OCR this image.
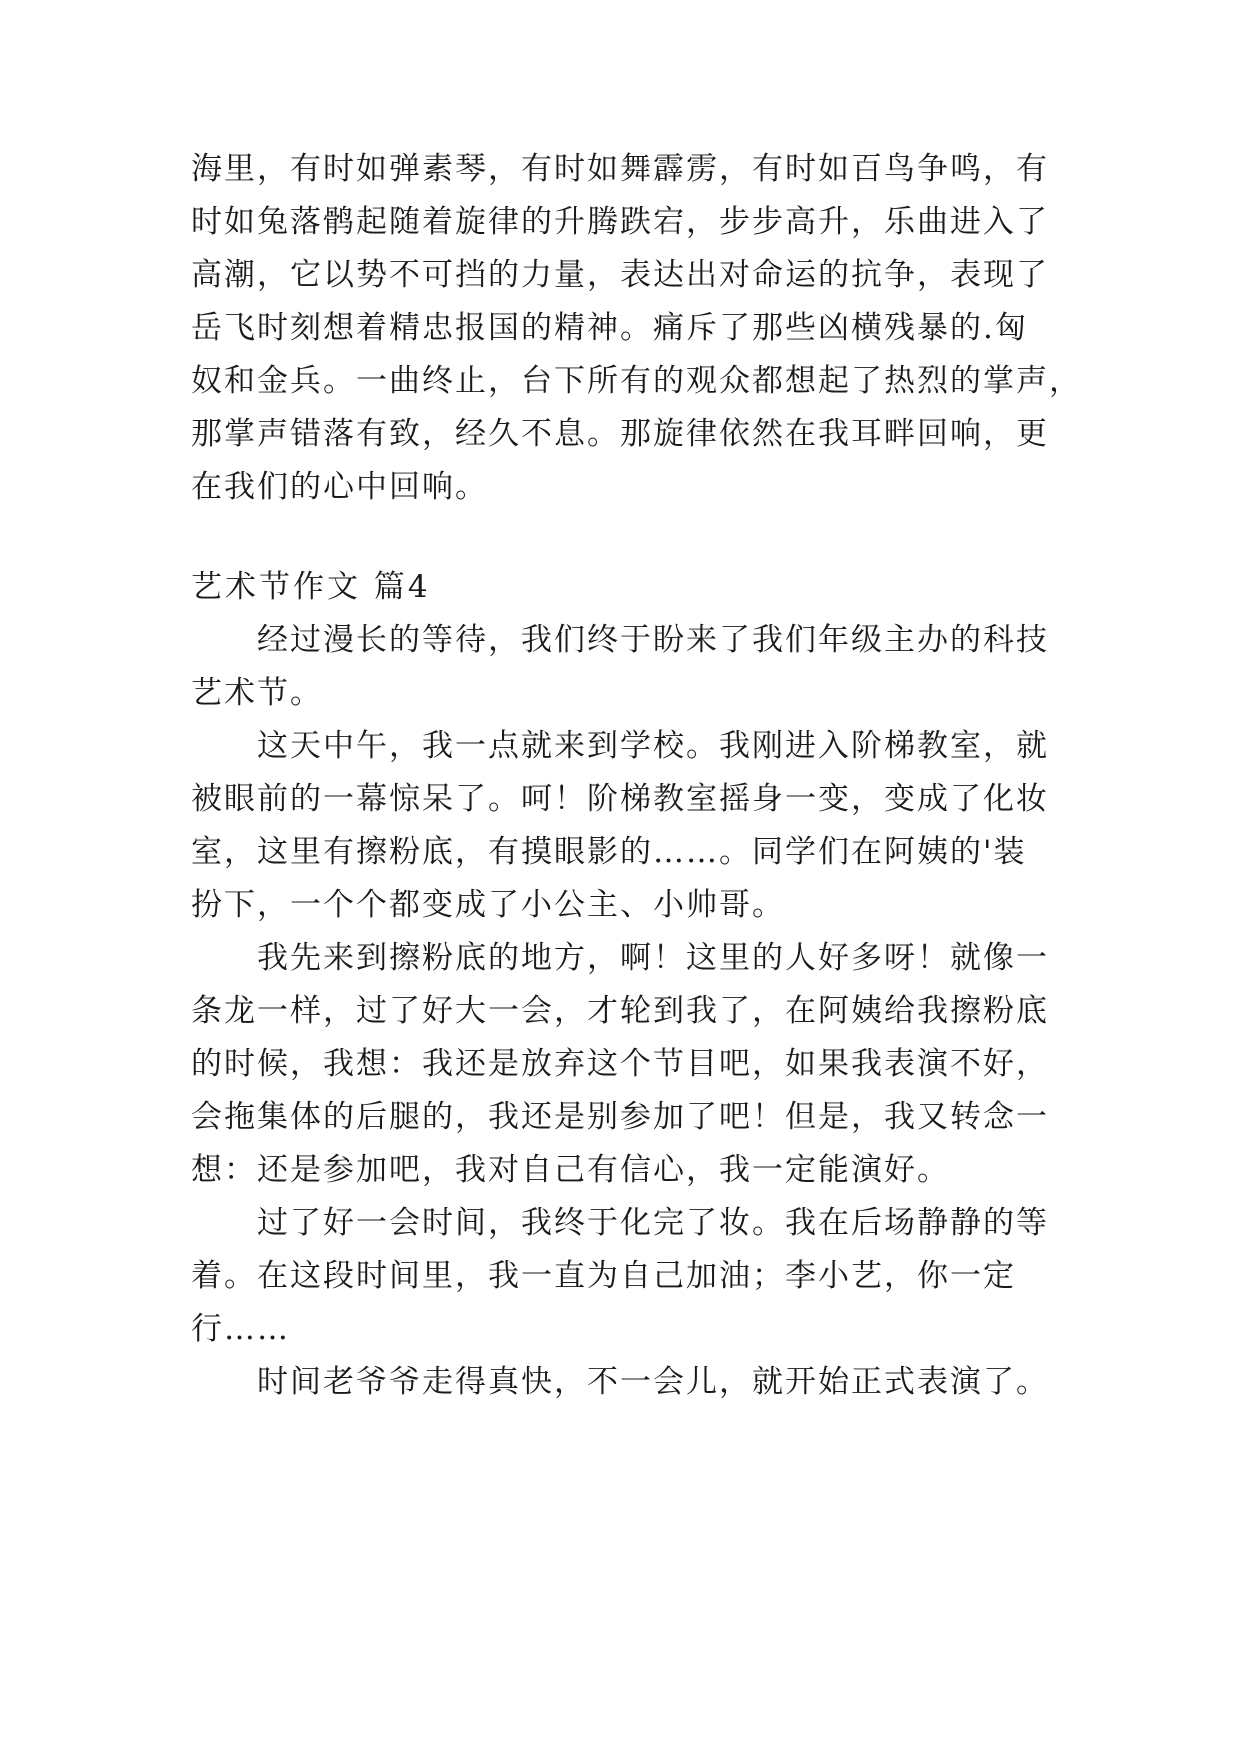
海里，有时如弹素琴，有时如舞霹雳，有时如百鸟争鸣，有
时如兔落鹘起随着旋律的升腾跌宕，步步高升，乐曲进入了
高潮，它以势不可挡的力量，表达出对命运的抗争，表现了
岳飞时刻想着精忠报国的精神。痛斥了那些凶横残暴的.匈
奴和金兵。一曲终止，台下所有的观众都想起了热烈的掌声，
那掌声错落有致，经久不息。那旋律依然在我耳畔回响，更
在我们的心中回响。
艺术节作文 篇4
经过漫长的等待，我们终于盼来了我们年级主办的科技
艺术节。
这天中午，我一点就来到学校。我刚进入阶梯教室，就
被眼前的一幕惊呆了。呵！阶梯教室摇身一变，变成了化妆
室，这里有擦粉底，有摸眼影的……。同学们在阿姨的'装
扮下，一个个都变成了小公主、小帅哥。
我先来到擦粉底的地方，啊！这里的人好多呀！就像一
条龙一样，过了好大一会，才轮到我了，在阿姨给我擦粉底
的时候，我想：我还是放弃这个节目吧，如果我表演不好，
会拖集体的后腿的，我还是别参加了吧！但是，我又转念一
想：还是参加吧，我对自己有信心，我一定能演好。
过了好一会时间，我终于化完了妆。我在后场静静的等
着。在这段时间里，我一直为自己加油；李小艺，你一定
行……
时间老爷爷走得真快，不一会儿，就开始正式表演了。
